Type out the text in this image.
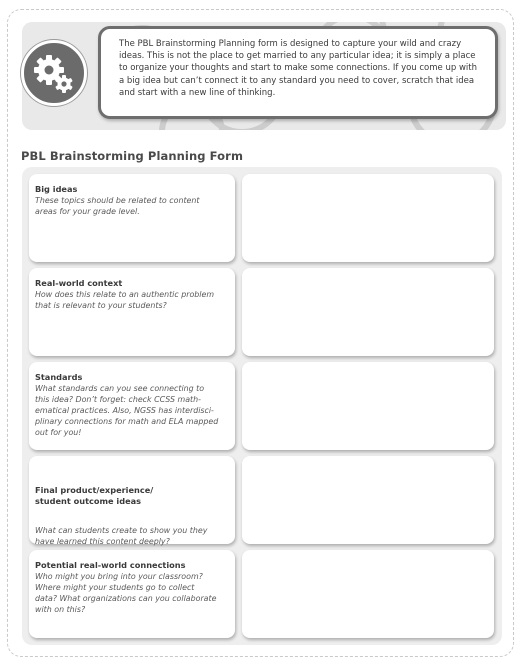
The PBL Brainstorming Planning form is designed to capture your wild and crazy ideas. This is not the place to get married to any particular idea; it is simply a place to organize your thoughts and start to make some connections. If you come up with a big idea but can’t connect it to any standard you need to cover, scratch that idea and start with a new line of thinking.

PBL Brainstorming Planning Form

Big ideas

These topics should be related to content
areas for your grade level.

Real-world context

How does this relate to an authentic problem
that is relevant to your students?

Standards

What standards can you see connecting to
this idea? Don’t forget: check CCSS math-
ematical practices. Also, NGSS has interdisci-
plinary connections for math and ELA mapped
out for you!

Final product/experience/
student outcome ideas

What can students create to show you they
have learned this content deeply?

Potential real-world connections

Who might you bring into your classroom?
Where might your students go to collect
data? What organizations can you collaborate
with on this?
